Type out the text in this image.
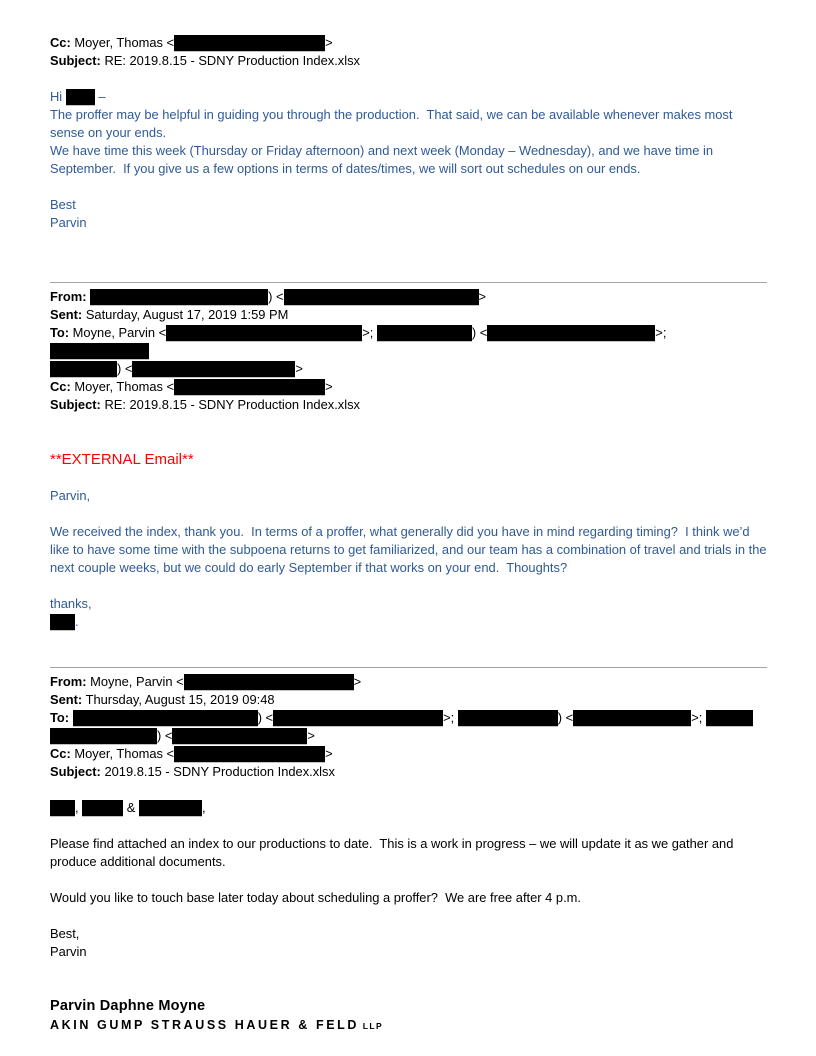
Cc: Moyer, Thomas <	>
Subject: RE: 2019.8.15 - SDNY Production Index.xlsx
Hi  –
The proffer may be helpful in guiding you through the production.  That said, we can be available whenever makes most sense on your ends.
We have time this week (Thursday or Friday afternoon) and next week (Monday – Wednesday), and we have time in September.  If you give us a few options in terms of dates/times, we will sort out schedules on our ends.
Best
Parvin
From:	) <	>
Sent: Saturday, August 17, 2019 1:59 PM
To: Moyne, Parvin <	>;	) <	>;
) <	>
Cc: Moyer, Thomas <	>
Subject: RE: 2019.8.15 - SDNY Production Index.xlsx
**EXTERNAL Email**
Parvin,
We received the index, thank you.  In terms of a proffer, what generally did you have in mind regarding timing?  I think we’d like to have some time with the subpoena returns to get familiarized, and our team has a combination of travel and trials in the next couple weeks, but we could do early September if that works on your end.  Thoughts?
thanks,
.
From: Moyne, Parvin <	>
Sent: Thursday, August 15, 2019 09:48
To:	) <	>;	) <	>;
) <	>
Cc: Moyer, Thomas <	>
Subject: 2019.8.15 - SDNY Production Index.xlsx
,	&	,
Please find attached an index to our productions to date.  This is a work in progress – we will update it as we gather and produce additional documents.
Would you like to touch base later today about scheduling a proffer?  We are free after 4 p.m.
Best,
Parvin
Parvin Daphne Moyne
AKIN GUMP STRAUSS HAUER & FELD LLP
